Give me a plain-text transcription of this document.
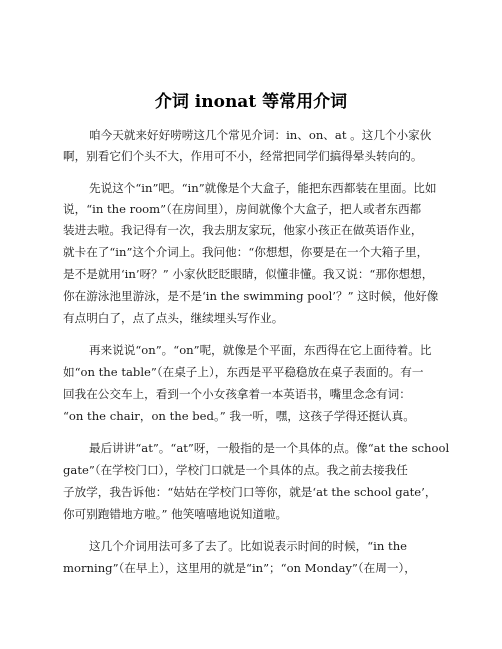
介词 inonat 等常用介词

咱今天就来好好唠唠这几个常见介词：in、on、at 。这几个小家伙

啊，别看它们个头不大，作用可不小，经常把同学们搞得晕头转向的。

先说这个“in”吧。“in”就像是个大盒子，能把东西都装在里面。比如

说，“in the room”（在房间里），房间就像个大盒子，把人或者东西都

装进去啦。我记得有一次，我去朋友家玩，他家小孩正在做英语作业，

就卡在了“in”这个介词上。我问他：“你想想，你要是在一个大箱子里，

是不是就用‘in’呀？” 小家伙眨眨眼睛，似懂非懂。我又说：“那你想想，

你在游泳池里游泳，是不是‘in the swimming pool’？” 这时候，他好像

有点明白了，点了点头，继续埋头写作业。

再来说说“on”。“on”呢，就像是个平面，东西得在它上面待着。比

如“on the table”（在桌子上），东西是平平稳稳放在桌子表面的。有一

回我在公交车上，看到一个小女孩拿着一本英语书，嘴里念念有词：

“on the chair，on the bed。” 我一听，嘿，这孩子学得还挺认真。

最后讲讲“at”。“at”呀，一般指的是一个具体的点。像“at the school

gate”（在学校门口），学校门口就是一个具体的点。我之前去接我任

子放学，我告诉他：“姑姑在学校门口等你，就是‘at the school gate’，

你可别跑错地方啦。” 他笑嘻嘻地说知道啦。

这几个介词用法可多了去了。比如说表示时间的时候，“in the

morning”（在早上），这里用的就是“in”；“on Monday”（在周一），
